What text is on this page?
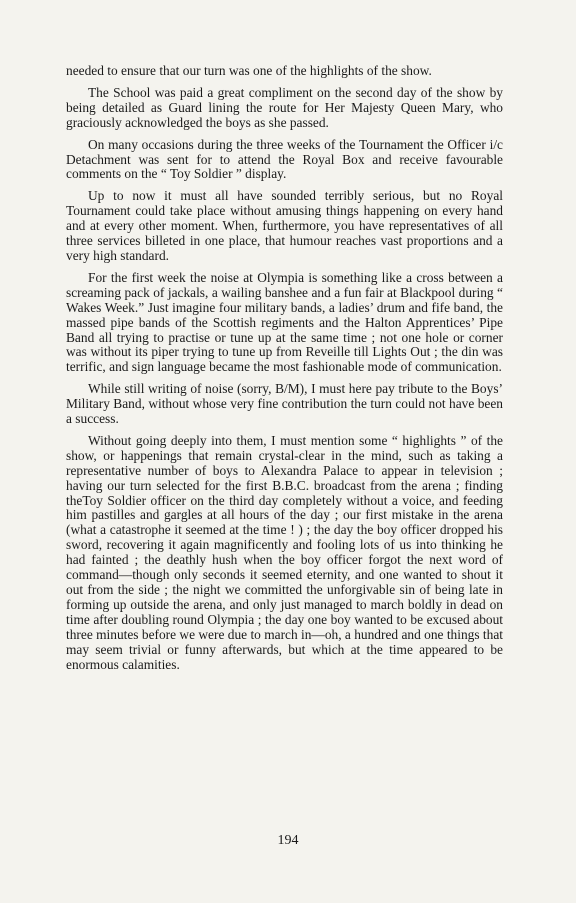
needed to ensure that our turn was one of the highlights of the show.

The School was paid a great compliment on the second day of the show by being detailed as Guard lining the route for Her Majesty Queen Mary, who graciously acknowledged the boys as she passed.

On many occasions during the three weeks of the Tournament the Officer i/c Detachment was sent for to attend the Royal Box and receive favourable comments on the “ Toy Soldier ” display.

Up to now it must all have sounded terribly serious, but no Royal Tournament could take place without amusing things happening on every hand and at every other moment. When, furthermore, you have representatives of all three services billeted in one place, that humour reaches vast proportions and a very high standard.

For the first week the noise at Olympia is something like a cross between a screaming pack of jackals, a wailing banshee and a fun fair at Blackpool during “ Wakes Week.” Just imagine four military bands, a ladies’ drum and fife band, the massed pipe bands of the Scottish regiments and the Halton Apprentices’ Pipe Band all trying to practise or tune up at the same time ; not one hole or corner was without its piper trying to tune up from Reveille till Lights Out ; the din was terrific, and sign language became the most fashionable mode of communication.

While still writing of noise (sorry, B/M), I must here pay tribute to the Boys’ Military Band, without whose very fine contribution the turn could not have been a success.

Without going deeply into them, I must mention some “ highlights ” of the show, or happenings that remain crystal-clear in the mind, such as taking a representative number of boys to Alexandra Palace to appear in television ; having our turn selected for the first B.B.C. broadcast from the arena ; finding theToy Soldier officer on the third day completely without a voice, and feeding him pastilles and gargles at all hours of the day ; our first mistake in the arena (what a catastrophe it seemed at the time ! ) ; the day the boy officer dropped his sword, recovering it again magnificently and fooling lots of us into thinking he had fainted ; the deathly hush when the boy officer forgot the next word of command—though only seconds it seemed eternity, and one wanted to shout it out from the side ; the night we committed the unforgivable sin of being late in forming up outside the arena, and only just managed to march boldly in dead on time after doubling round Olympia ; the day one boy wanted to be excused about three minutes before we were due to march in—oh, a hundred and one things that may seem trivial or funny afterwards, but which at the time appeared to be enormous calamities.

194
